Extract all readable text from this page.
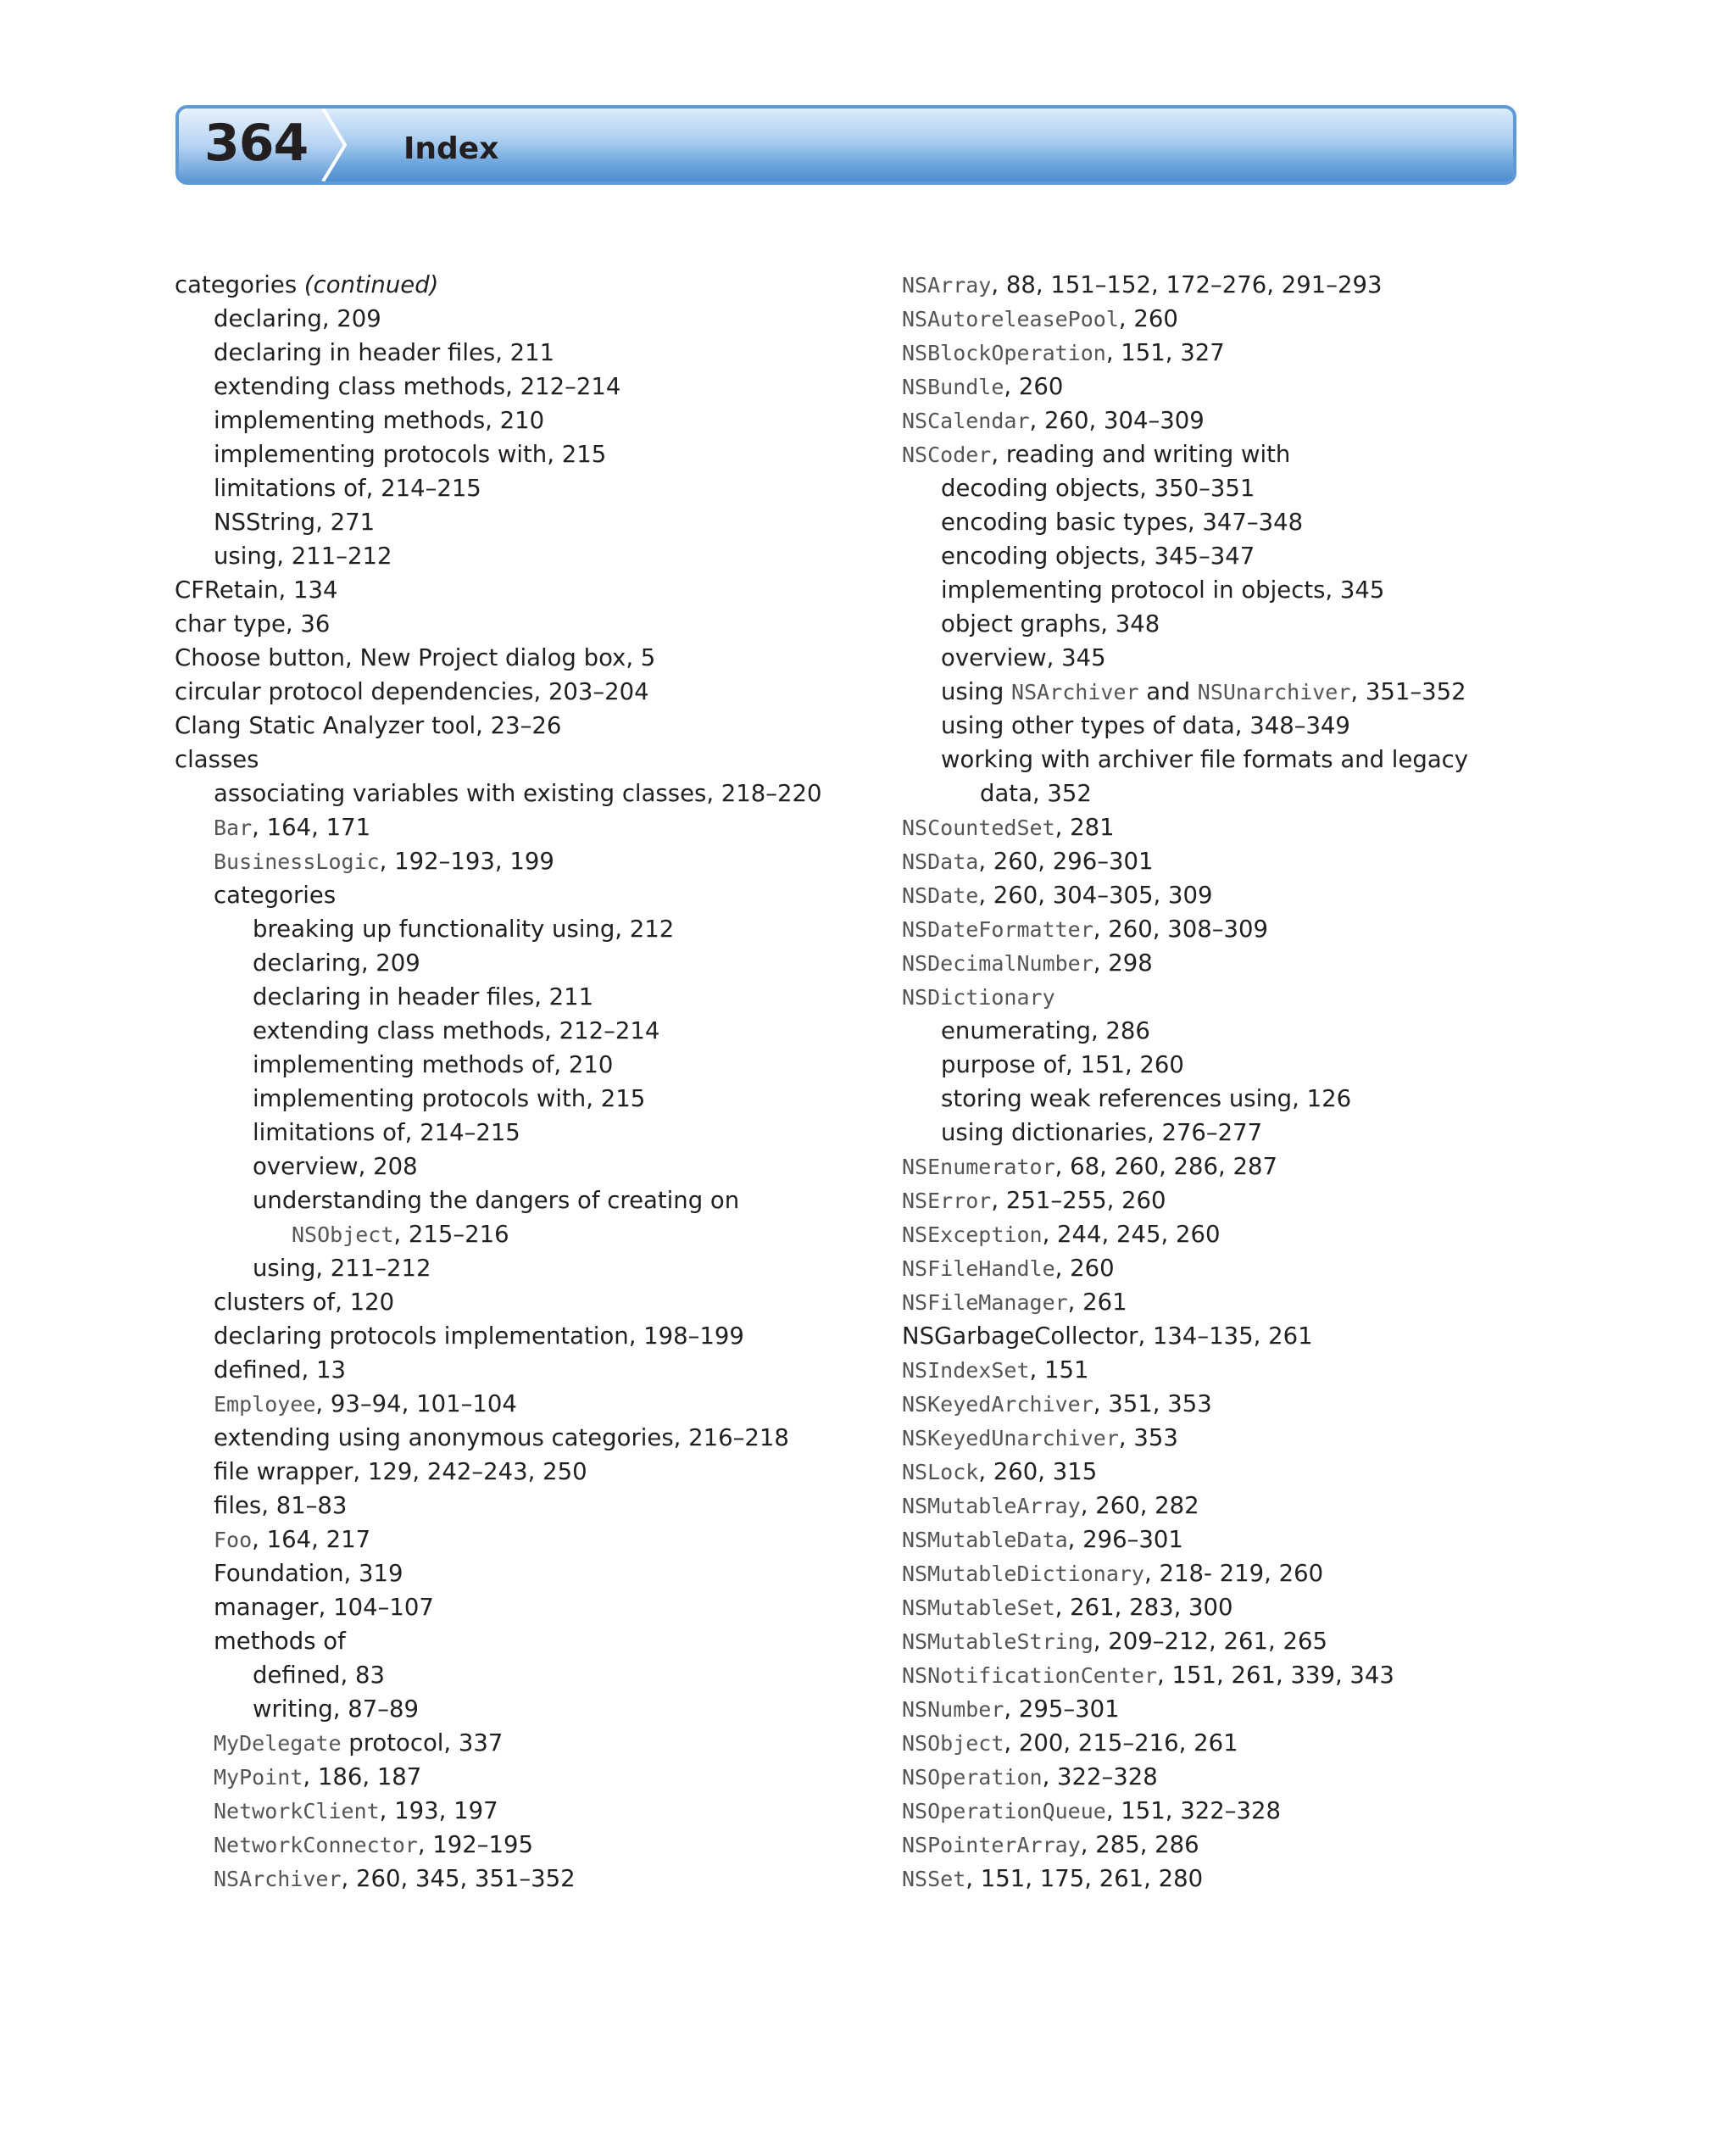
364	Index
categories (continued)
declaring, 209
declaring in header files, 211
extending class methods, 212–214
implementing methods, 210
implementing protocols with, 215
limitations of, 214–215
NSString, 271
using, 211–212
CFRetain, 134
char type, 36
Choose button, New Project dialog box, 5
circular protocol dependencies, 203–204
Clang Static Analyzer tool, 23–26
classes
associating variables with existing classes, 218–220
Bar, 164, 171
BusinessLogic, 192–193, 199
categories
breaking up functionality using, 212
declaring, 209
declaring in header files, 211
extending class methods, 212–214
implementing methods of, 210
implementing protocols with, 215
limitations of, 214–215
overview, 208
understanding the dangers of creating on
NSObject, 215–216
using, 211–212
clusters of, 120
declaring protocols implementation, 198–199
defined, 13
Employee, 93–94, 101–104
extending using anonymous categories, 216–218
file wrapper, 129, 242–243, 250
files, 81–83
Foo, 164, 217
Foundation, 319
manager, 104–107
methods of
defined, 83
writing, 87–89
MyDelegate protocol, 337
MyPoint, 186, 187
NetworkClient, 193, 197
NetworkConnector, 192–195
NSArchiver, 260, 345, 351–352
NSArray, 88, 151–152, 172–276, 291–293
NSAutoreleasePool, 260
NSBlockOperation, 151, 327
NSBundle, 260
NSCalendar, 260, 304–309
NSCoder, reading and writing with
decoding objects, 350–351
encoding basic types, 347–348
encoding objects, 345–347
implementing protocol in objects, 345
object graphs, 348
overview, 345
using NSArchiver and NSUnarchiver, 351–352
using other types of data, 348–349
working with archiver file formats and legacy
data, 352
NSCountedSet, 281
NSData, 260, 296–301
NSDate, 260, 304–305, 309
NSDateFormatter, 260, 308–309
NSDecimalNumber, 298
NSDictionary
enumerating, 286
purpose of, 151, 260
storing weak references using, 126
using dictionaries, 276–277
NSEnumerator, 68, 260, 286, 287
NSError, 251–255, 260
NSException, 244, 245, 260
NSFileHandle, 260
NSFileManager, 261
NSGarbageCollector, 134–135, 261
NSIndexSet, 151
NSKeyedArchiver, 351, 353
NSKeyedUnarchiver, 353
NSLock, 260, 315
NSMutableArray, 260, 282
NSMutableData, 296–301
NSMutableDictionary, 218- 219, 260
NSMutableSet, 261, 283, 300
NSMutableString, 209–212, 261, 265
NSNotificationCenter, 151, 261, 339, 343
NSNumber, 295–301
NSObject, 200, 215–216, 261
NSOperation, 322–328
NSOperationQueue, 151, 322–328
NSPointerArray, 285, 286
NSSet, 151, 175, 261, 280
